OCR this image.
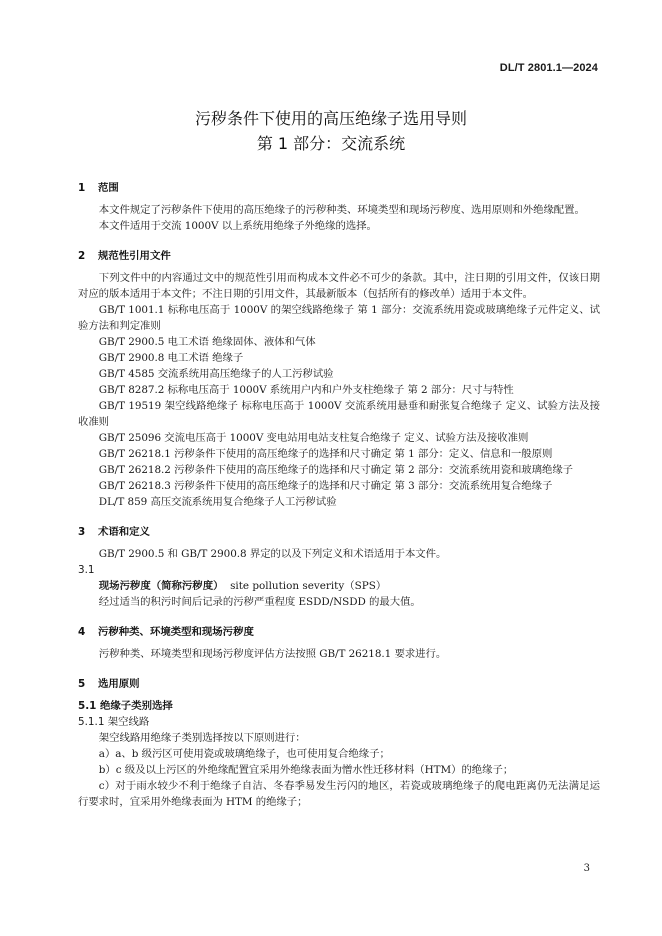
DL/T 2801.1—2024
污秽条件下使用的高压绝缘子选用导则
第 1 部分：交流系统
1 范围
本文件规定了污秽条件下使用的高压绝缘子的污秽种类、环境类型和现场污秽度、选用原则和外绝缘配置。
本文件适用于交流 1000V 以上系统用绝缘子外绝缘的选择。
2 规范性引用文件
下列文件中的内容通过文中的规范性引用而构成本文件必不可少的条款。其中，注日期的引用文件，仅该日期对应的版本适用于本文件；不注日期的引用文件，其最新版本（包括所有的修改单）适用于本文件。
GB/T 1001.1 标称电压高于 1000V 的架空线路绝缘子 第 1 部分：交流系统用瓷或玻璃绝缘子元件定义、试验方法和判定准则
GB/T 2900.5 电工术语 绝缘固体、液体和气体
GB/T 2900.8 电工术语 绝缘子
GB/T 4585 交流系统用高压绝缘子的人工污秽试验
GB/T 8287.2 标称电压高于 1000V 系统用户内和户外支柱绝缘子 第 2 部分：尺寸与特性
GB/T 19519 架空线路绝缘子 标称电压高于 1000V 交流系统用悬垂和耐张复合绝缘子 定义、试验方法及接收准则
GB/T 25096 交流电压高于 1000V 变电站用电站支柱复合绝缘子 定义、试验方法及接收准则
GB/T 26218.1 污秽条件下使用的高压绝缘子的选择和尺寸确定 第 1 部分：定义、信息和一般原则
GB/T 26218.2 污秽条件下使用的高压绝缘子的选择和尺寸确定 第 2 部分：交流系统用瓷和玻璃绝缘子
GB/T 26218.3 污秽条件下使用的高压绝缘子的选择和尺寸确定 第 3 部分：交流系统用复合绝缘子
DL/T 859 高压交流系统用复合绝缘子人工污秽试验
3 术语和定义
GB/T 2900.5 和 GB/T 2900.8 界定的以及下列定义和术语适用于本文件。
3.1
现场污秽度（简称污秽度） site pollution severity（SPS）
经过适当的积污时间后记录的污秽严重程度 ESDD/NSDD 的最大值。
4 污秽种类、环境类型和现场污秽度
污秽种类、环境类型和现场污秽度评估方法按照 GB/T 26218.1 要求进行。
5 选用原则
5.1 绝缘子类别选择
5.1.1 架空线路
架空线路用绝缘子类别选择按以下原则进行：
a）a、b 级污区可使用瓷或玻璃绝缘子，也可使用复合绝缘子；
b）c 级及以上污区的外绝缘配置宜采用外绝缘表面为憎水性迁移材料（HTM）的绝缘子；
c）对于雨水较少不利于绝缘子自洁、冬春季易发生污闪的地区，若瓷或玻璃绝缘子的爬电距离仍无法满足运行要求时，宜采用外绝缘表面为 HTM 的绝缘子；
3
